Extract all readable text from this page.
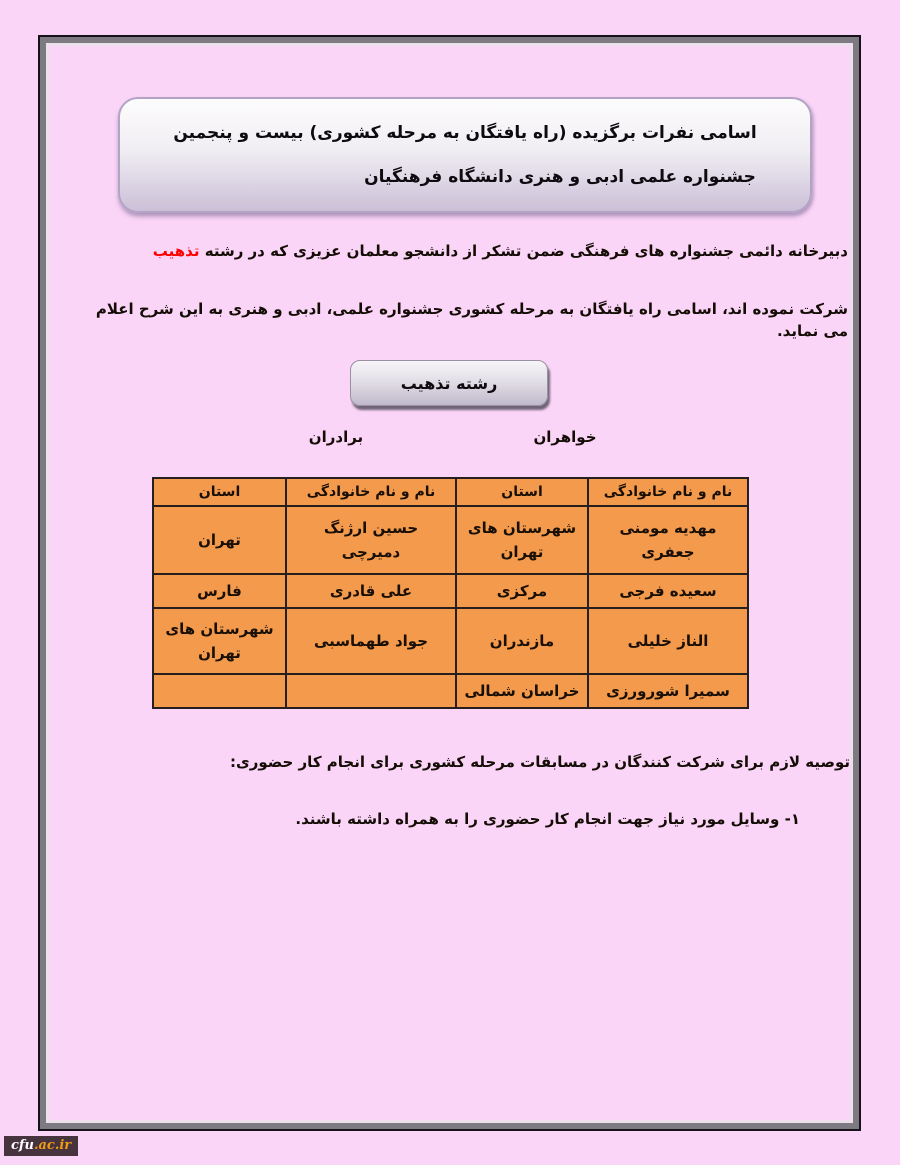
اسامی نفرات برگزیده (راه یافتگان به مرحله کشوری) بیست و پنجمین
جشنواره علمی ادبی و هنری دانشگاه فرهنگیان

دبیرخانه دائمی جشنواره های فرهنگی ضمن تشکر از دانشجو معلمان عزیزی که در رشته تذهیب

شرکت نموده اند، اسامی راه یافتگان به مرحله کشوری جشنواره علمی، ادبی و هنری به این شرح اعلام می نماید.

رشته تذهیب
خواهران
برادران
نام و نام خانوادگی	استان	نام و نام خانوادگی	استان
مهدیه مومنی جعفری	شهرستان های تهران	حسین ارژنگ دمیرچی	تهران
سعیده فرجی	مرکزی	علی قادری	فارس
الناز خلیلی	مازندران	جواد طهماسبی	شهرستان های تهران
سمیرا شورورزی	خراسان شمالی		
توصیه لازم برای شرکت کنندگان در مسابقات مرحله کشوری برای انجام کار حضوری:
۱- وسایل مورد نیاز جهت انجام کار حضوری را به همراه داشته باشند.
cfu.ac.ir
